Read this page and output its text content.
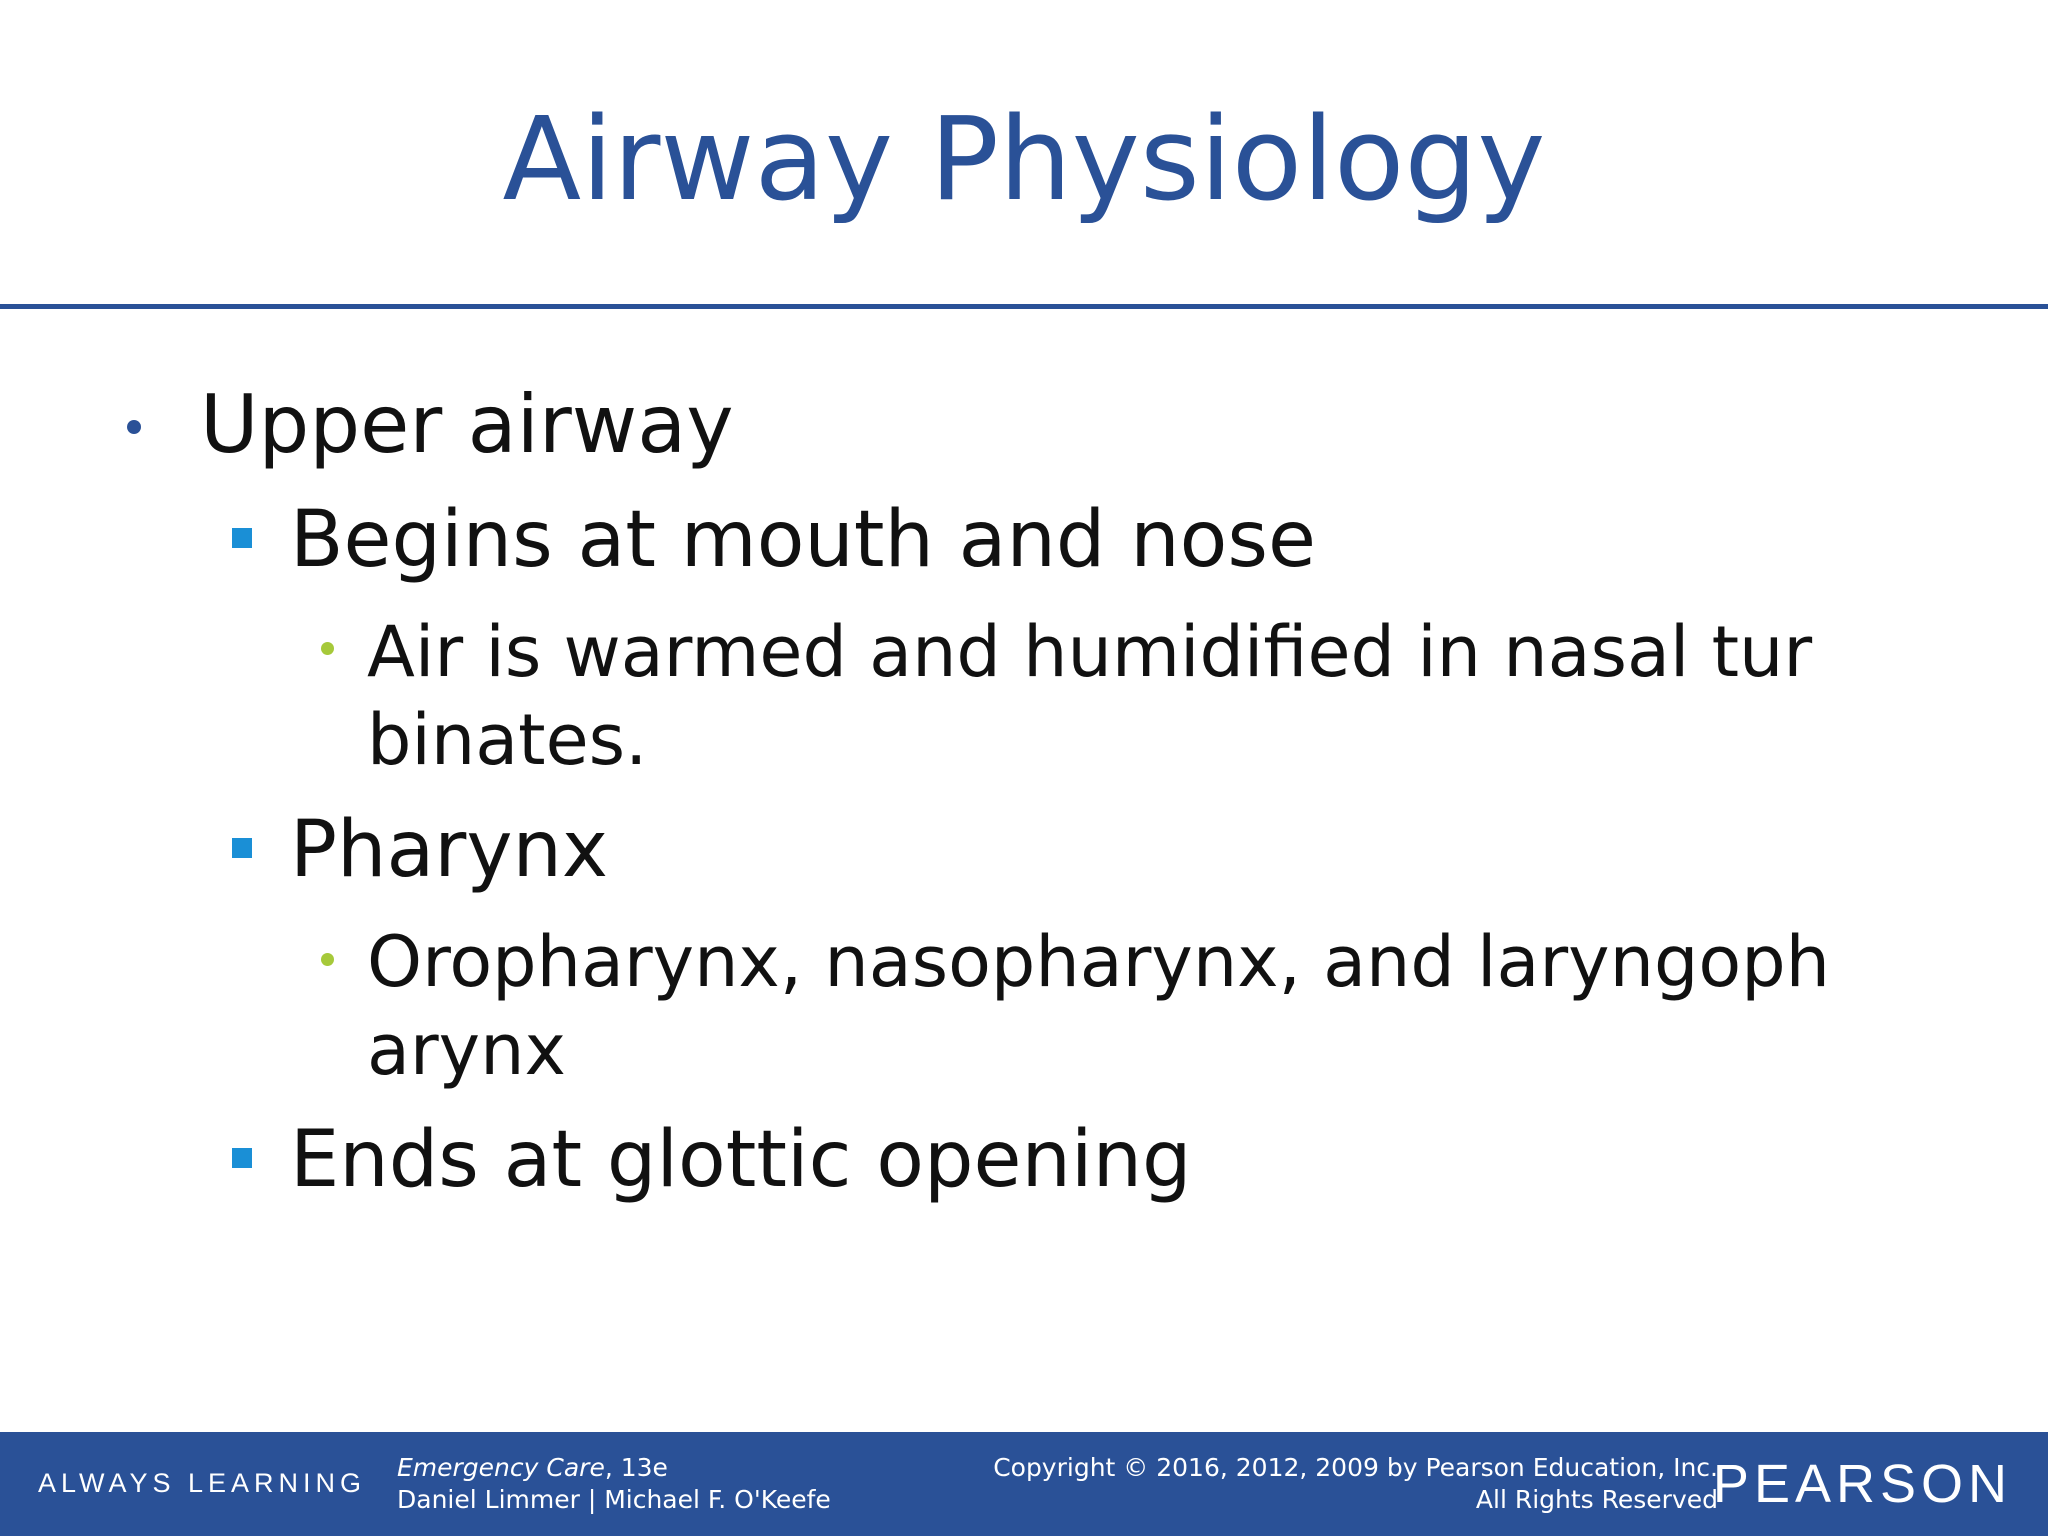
Airway Physiology
Upper airway
Begins at mouth and nose
Air is warmed and humidified in nasal tur binates.
Pharynx
Oropharynx, nasopharynx, and laryngoph arynx
Ends at glottic opening
ALWAYS LEARNING
Emergency Care, 13e
Daniel Limmer | Michael F. O'Keefe
Copyright © 2016, 2012, 2009 by Pearson Education, Inc.
All Rights Reserved
PEARSON
